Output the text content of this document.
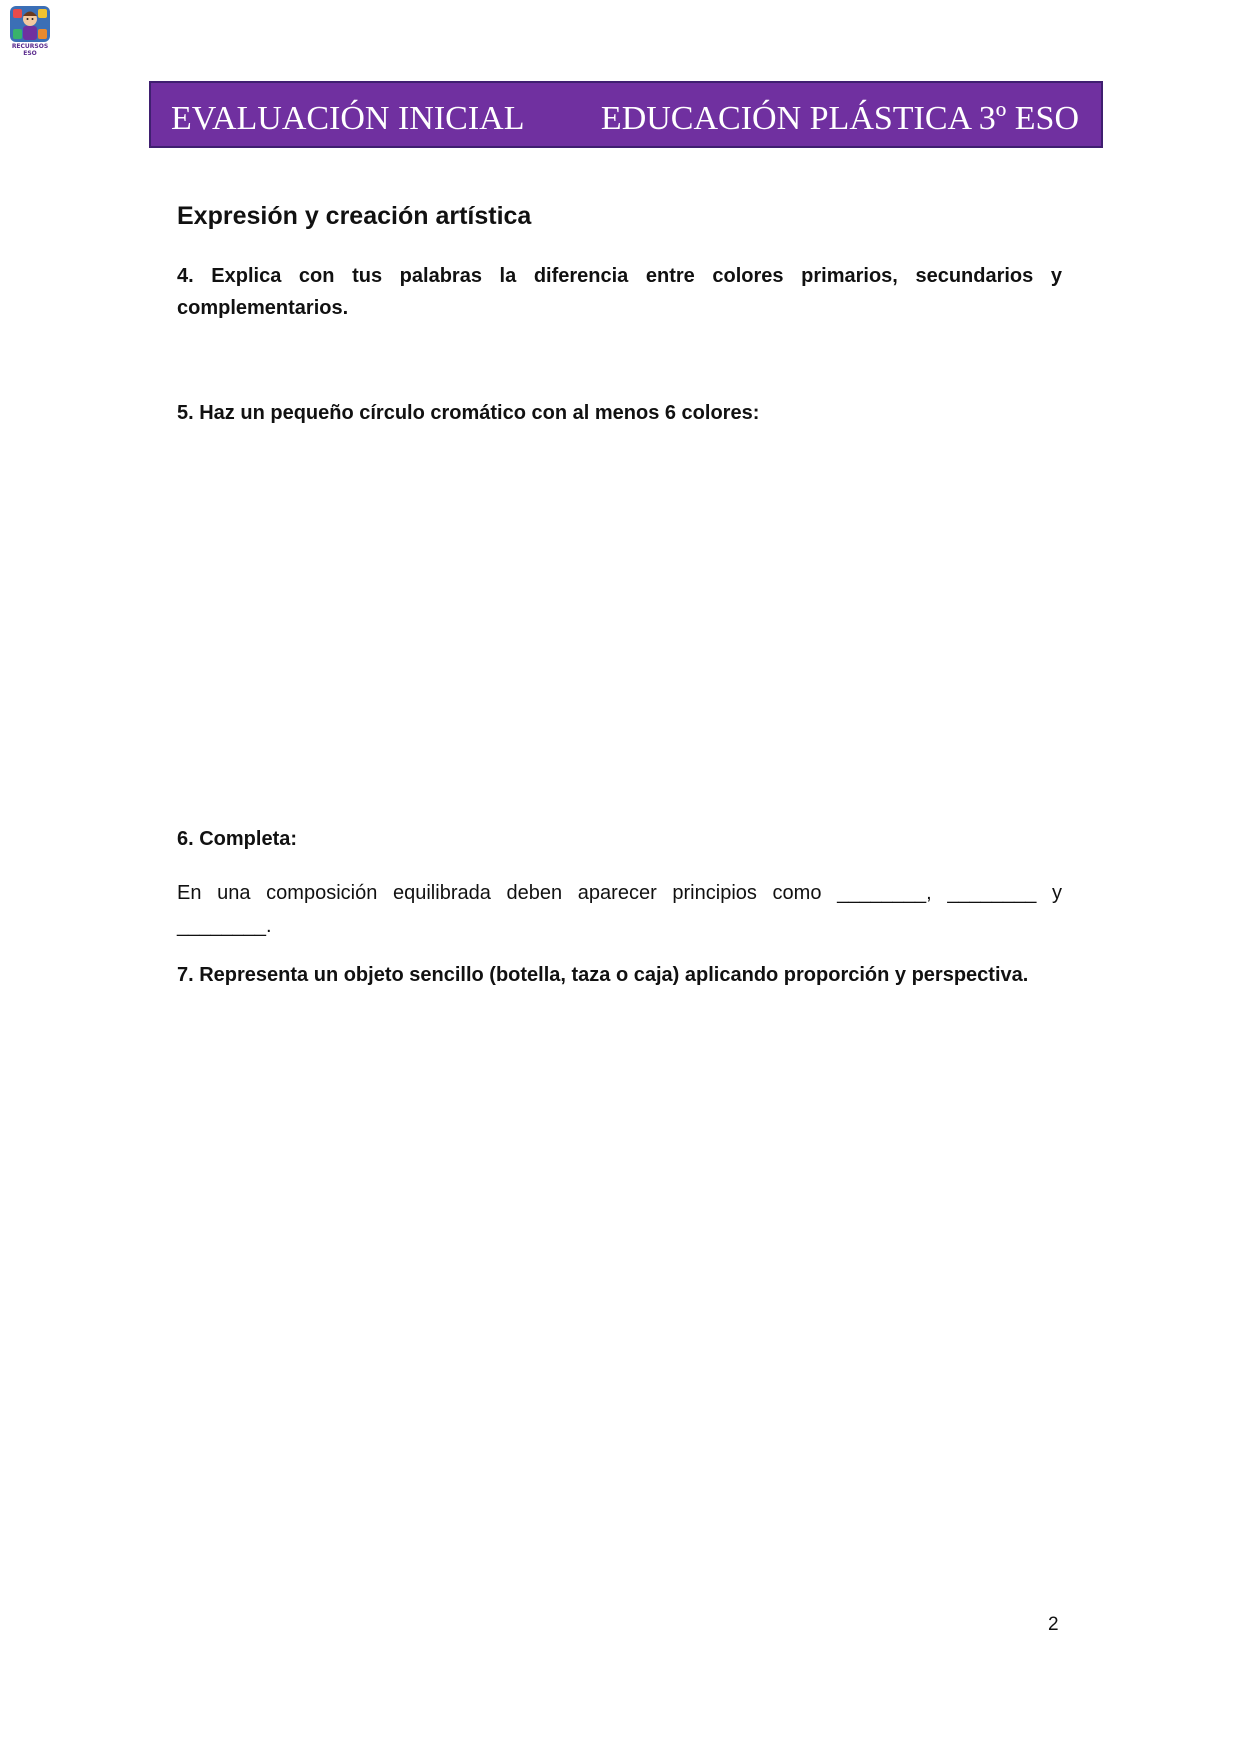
RECURSOS
ESO
EVALUACIÓN INICIAL EDUCACIÓN PLÁSTICA 3º ESO
Expresión y creación artística
4. Explica con tus palabras la diferencia entre colores primarios, secundarios y complementarios.
5. Haz un pequeño círculo cromático con al menos 6 colores:
6. Completa:
En una composición equilibrada deben aparecer principios como ________, ________ y ________.
7. Representa un objeto sencillo (botella, taza o caja) aplicando proporción y perspectiva.
2
